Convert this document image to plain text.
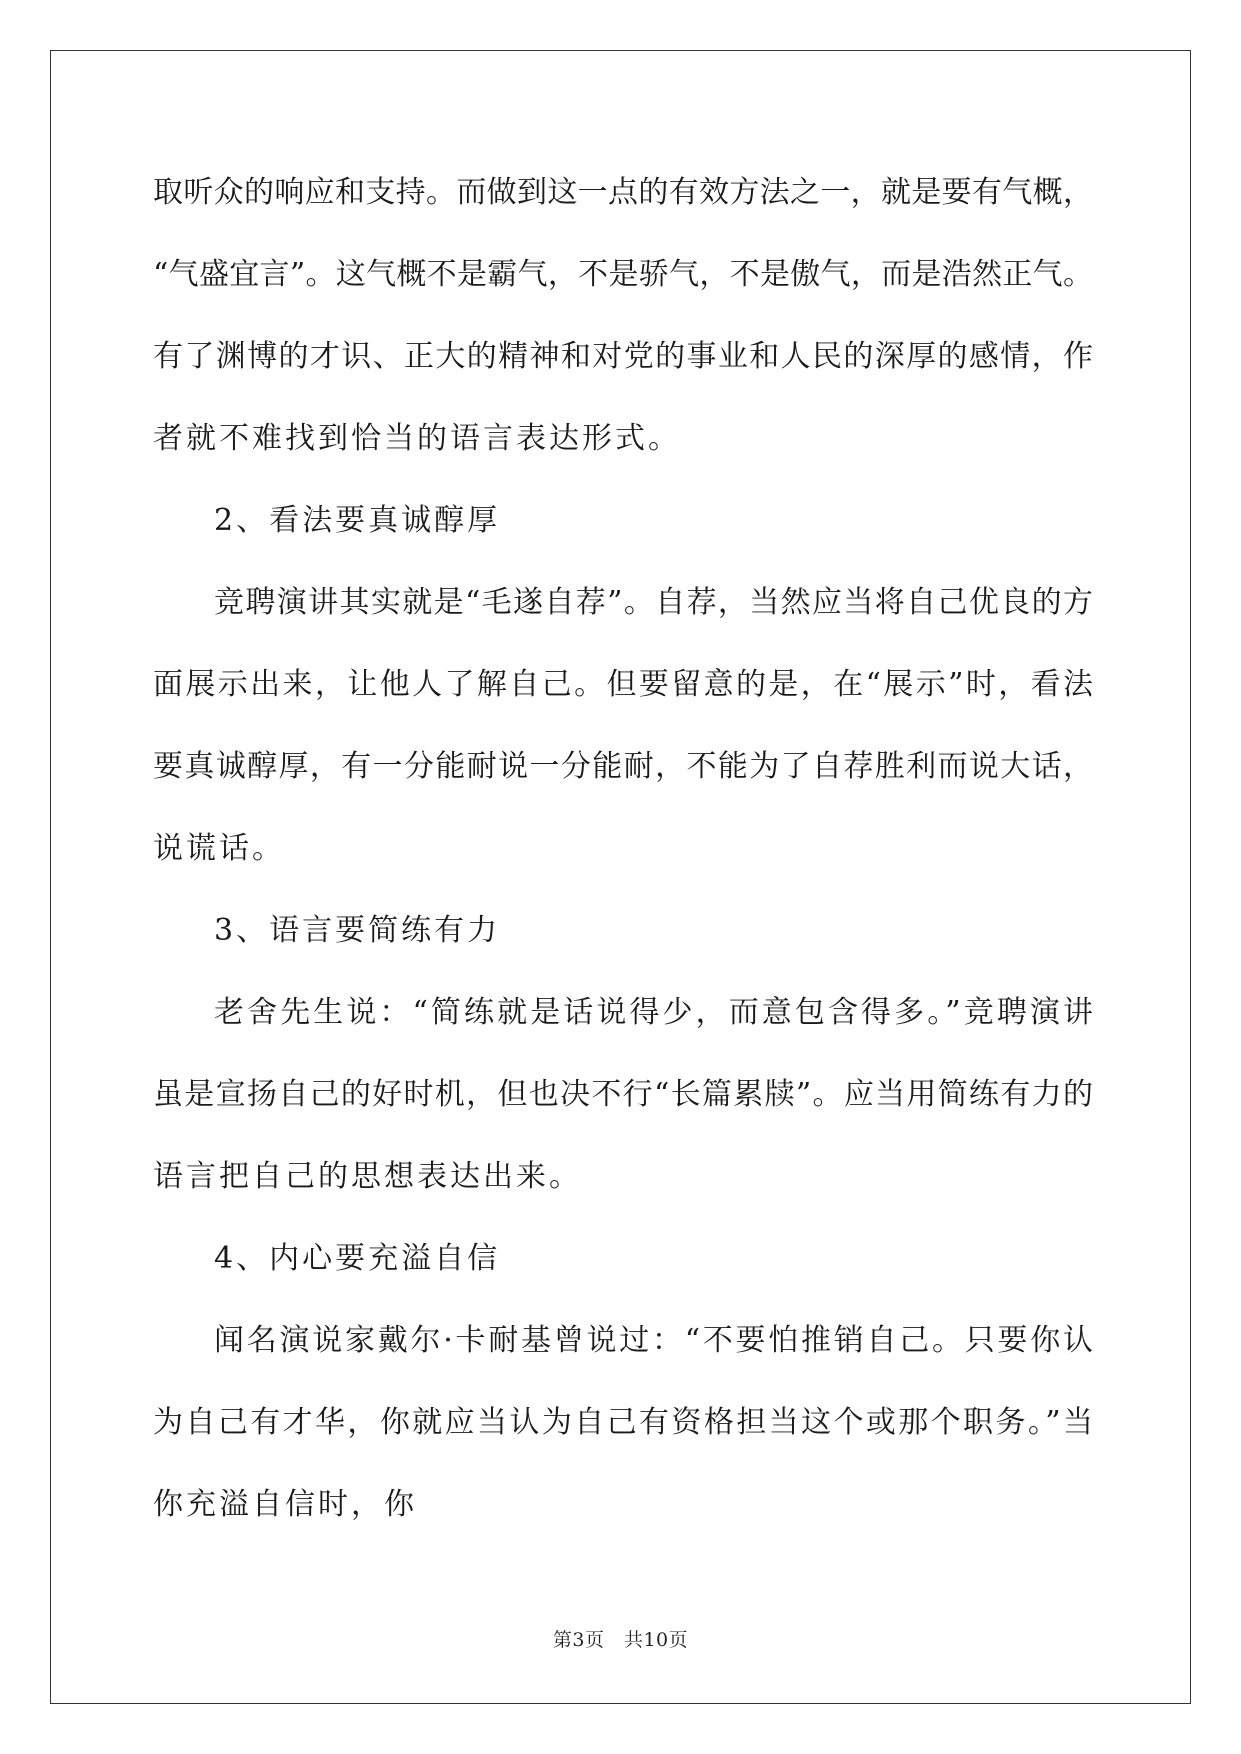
取听众的响应和支持。而做到这一点的有效方法之一，就是要有气概，
“气盛宜言”。这气概不是霸气，不是骄气，不是傲气，而是浩然正气。
有了渊博的才识、正大的精神和对党的事业和人民的深厚的感情，作
者就不难找到恰当的语言表达形式。
2、看法要真诚醇厚
竞聘演讲其实就是“毛遂自荐”。自荐，当然应当将自己优良的方
面展示出来，让他人了解自己。但要留意的是，在“展示”时，看法
要真诚醇厚，有一分能耐说一分能耐，不能为了自荐胜利而说大话，
说谎话。
3、语言要简练有力
老舍先生说：“简练就是话说得少，而意包含得多。”竞聘演讲
虽是宣扬自己的好时机，但也决不行“长篇累牍”。应当用简练有力的
语言把自己的思想表达出来。
4、内心要充溢自信
闻名演说家戴尔·卡耐基曾说过：“不要怕推销自己。只要你认
为自己有才华，你就应当认为自己有资格担当这个或那个职务。”当
你充溢自信时，你
第3页　共10页
